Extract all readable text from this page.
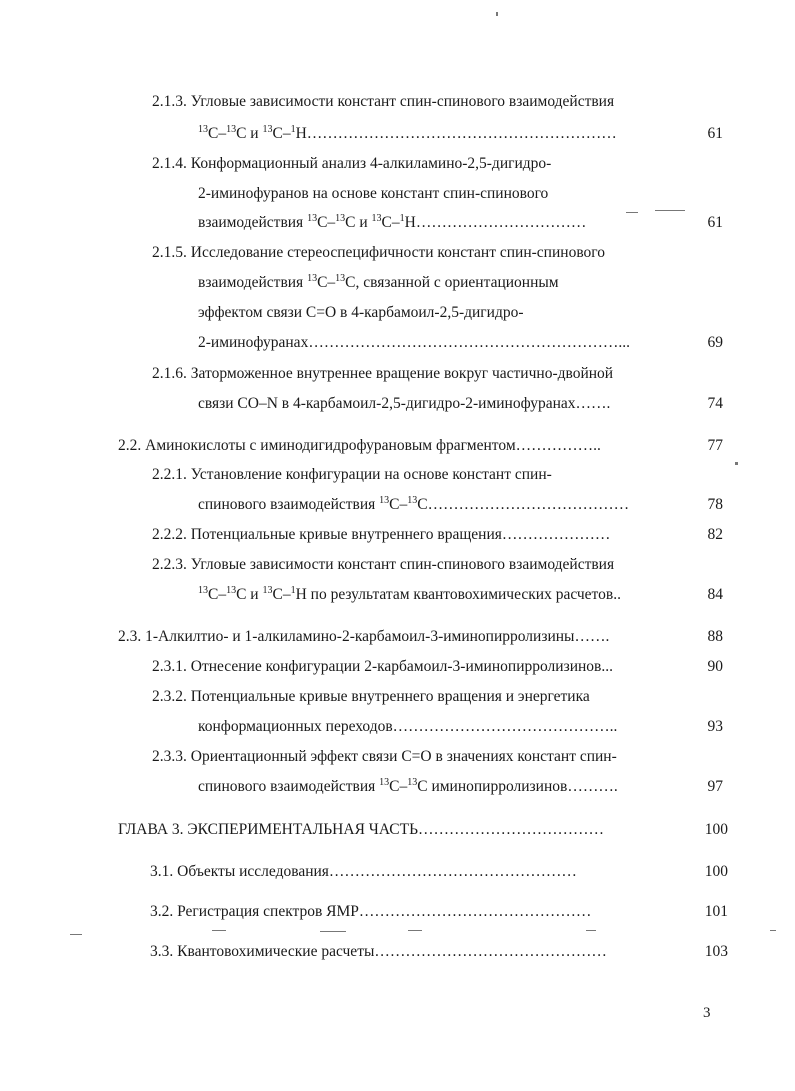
2.1.3. Угловые зависимости констант спин-спинового взаимодействия
$^{13}$C–$^{13}$C и $^{13}$C–$^1$H……………………………………………………	61
2.1.4. Конформационный анализ 4-алкиламино-2,5-дигидро-
2-иминофуранов на основе констант спин-спинового
взаимодействия $^{13}$C–$^{13}$C и $^{13}$C–$^1$H……………………………	61
2.1.5. Исследование стереоспецифичности констант спин-спинового
взаимодействия $^{13}$C–$^{13}$C, связанной с ориентационным
эффектом связи C=O в 4-карбамоил-2,5-дигидро-
2-иминофуранах……………………………………………………...	69
2.1.6. Заторможенное внутреннее вращение вокруг частично-двойной
связи CO–N в 4-карбамоил-2,5-дигидро-2-иминофуранах…….	74
2.2. Аминокислоты с иминодигидрофурановым фрагментом……………..	77
2.2.1. Установление конфигурации на основе констант спин-
спинового взаимодействия $^{13}$C–$^{13}$C…………………………………	78
2.2.2. Потенциальные кривые внутреннего вращения…………………	82
2.2.3. Угловые зависимости констант спин-спинового взаимодействия
$^{13}$C–$^{13}$C и $^{13}$C–$^1$H по результатам квантовохимических расчетов..	84
2.3. 1-Алкилтио- и 1-алкиламино-2-карбамоил-3-иминопирролизины…….	88
2.3.1. Отнесение конфигурации 2-карбамоил-3-иминопирролизинов...	90
2.3.2. Потенциальные кривые внутреннего вращения и энергетика
конформационных переходов……………………………………..	93
2.3.3. Ориентационный эффект связи C=O в значениях констант спин-
спинового взаимодействия $^{13}$C–$^{13}$C иминопирролизинов……….	97
ГЛАВА 3. ЭКСПЕРИМЕНТАЛЬНАЯ ЧАСТЬ………………………………	100
3.1. Объекты исследования…………………………………………	100
3.2. Регистрация спектров ЯМР………………………………………	101
3.3. Квантовохимические расчеты………………………………………	103
3
